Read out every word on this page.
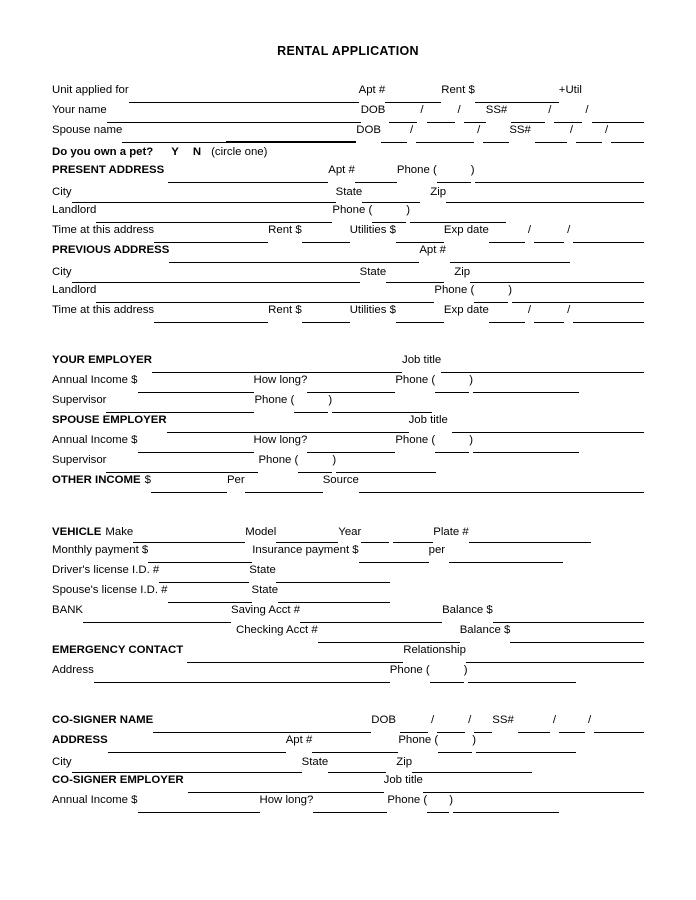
RENTAL APPLICATION
Unit applied for	Apt #	Rent $	+Util
Your name	DOB	/	/ SS#	/	/
Spouse name	DOB	/	/	SS#	/	/
Do you own a pet? Y N (circle one)
PRESENT ADDRESS	Apt #	Phone (	)
City	State	Zip
Landlord	Phone (	)
Time at this address	Rent $	Utilities $	Exp date	/	/
PREVIOUS ADDRESS	Apt #
City	State	Zip
Landlord	Phone (	)
Time at this address	Rent $	Utilities $	Exp date	/	/
YOUR EMPLOYER	Job title
Annual Income $	How long?	Phone (	)
Supervisor	Phone (	)
SPOUSE EMPLOYER	Job title
Annual Income $	How long?	Phone (	)
Supervisor	Phone (	)
OTHER INCOME $	Per	Source
VEHICLE Make	Model	Year	Plate #
Monthly payment $	Insurance payment $	per
Driver's license I.D. #	State
Spouse's license I.D. #	State
BANK	Saving Acct #	Balance $
Checking Acct #	Balance $
EMERGENCY CONTACT	Relationship
Address	Phone (	)
CO-SIGNER NAME	DOB	/	/ SS#	/	/
ADDRESS	Apt #	Phone (	)
City	State	Zip
CO-SIGNER EMPLOYER	Job title
Annual Income $	How long?	Phone ( )
